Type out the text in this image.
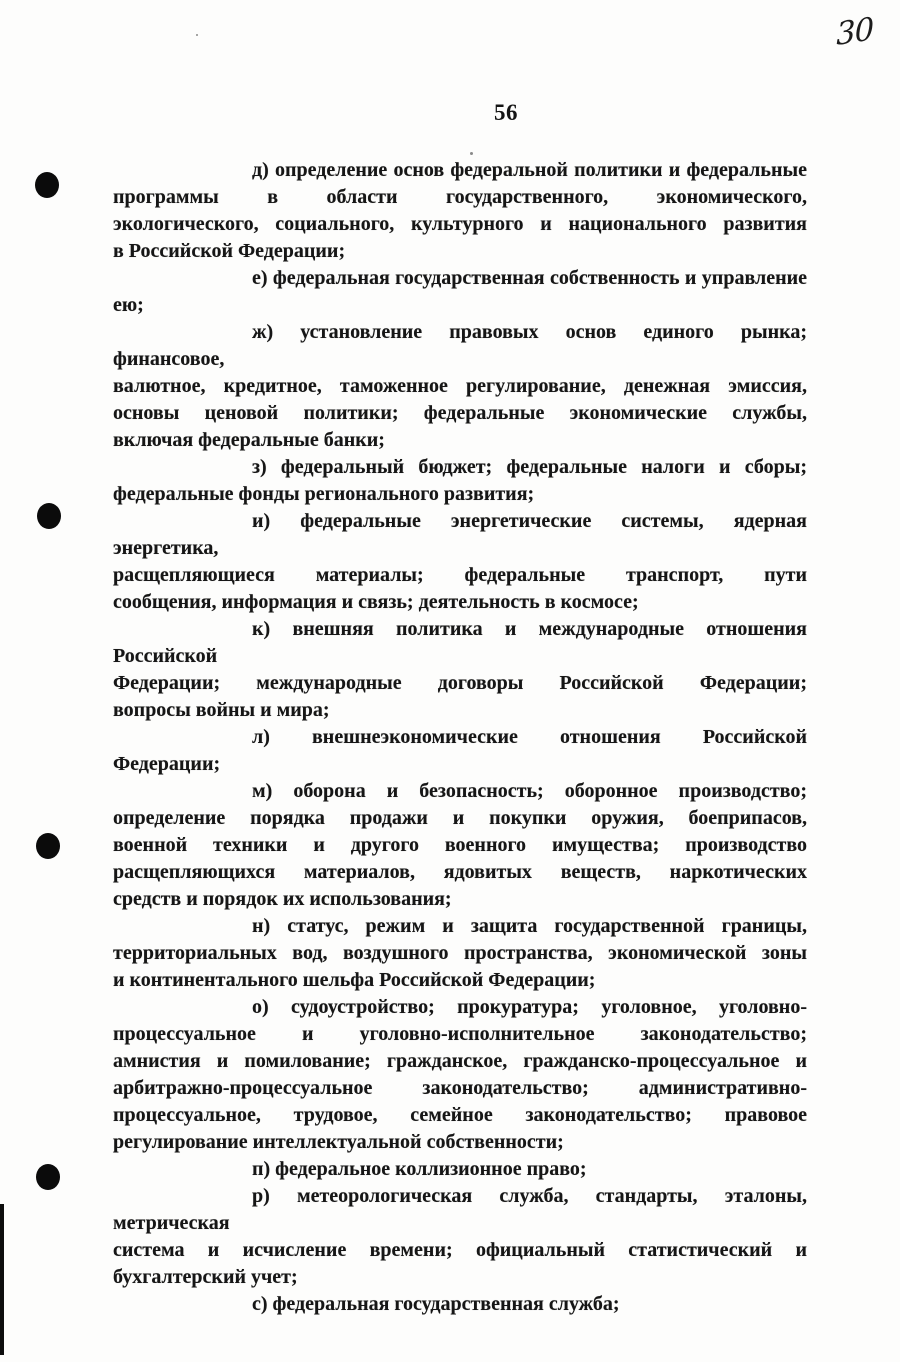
30
56
д) определение основ федеральной политики и федеральные
программы в области государственного, экономического,
экологического, социального, культурного и национального развития
в Российской Федерации;
е) федеральная государственная собственность и управление
ею;
ж) установление правовых основ единого рынка; финансовое,
валютное, кредитное, таможенное регулирование, денежная эмиссия,
основы ценовой политики; федеральные экономические службы,
включая федеральные банки;
з) федеральный бюджет; федеральные налоги и сборы;
федеральные фонды регионального развития;
и) федеральные энергетические системы, ядерная энергетика,
расщепляющиеся материалы; федеральные транспорт, пути
сообщения, информация и связь; деятельность в космосе;
к) внешняя политика и международные отношения Российской
Федерации; международные договоры Российской Федерации;
вопросы войны и мира;
л) внешнеэкономические отношения Российской Федерации;
м) оборона и безопасность; оборонное производство;
определение порядка продажи и покупки оружия, боеприпасов,
военной техники и другого военного имущества; производство
расщепляющихся материалов, ядовитых веществ, наркотических
средств и порядок их использования;
н) статус, режим и защита государственной границы,
территориальных вод, воздушного пространства, экономической зоны
и континентального шельфа Российской Федерации;
о) судоустройство; прокуратура; уголовное, уголовно-
процессуальное и уголовно-исполнительное законодательство;
амнистия и помилование; гражданское, гражданско-процессуальное и
арбитражно-процессуальное законодательство; административно-
процессуальное, трудовое, семейное законодательство; правовое
регулирование интеллектуальной собственности;
п) федеральное коллизионное право;
р) метеорологическая служба, стандарты, эталоны, метрическая
система и исчисление времени; официальный статистический и
бухгалтерский учет;
с) федеральная государственная служба;
